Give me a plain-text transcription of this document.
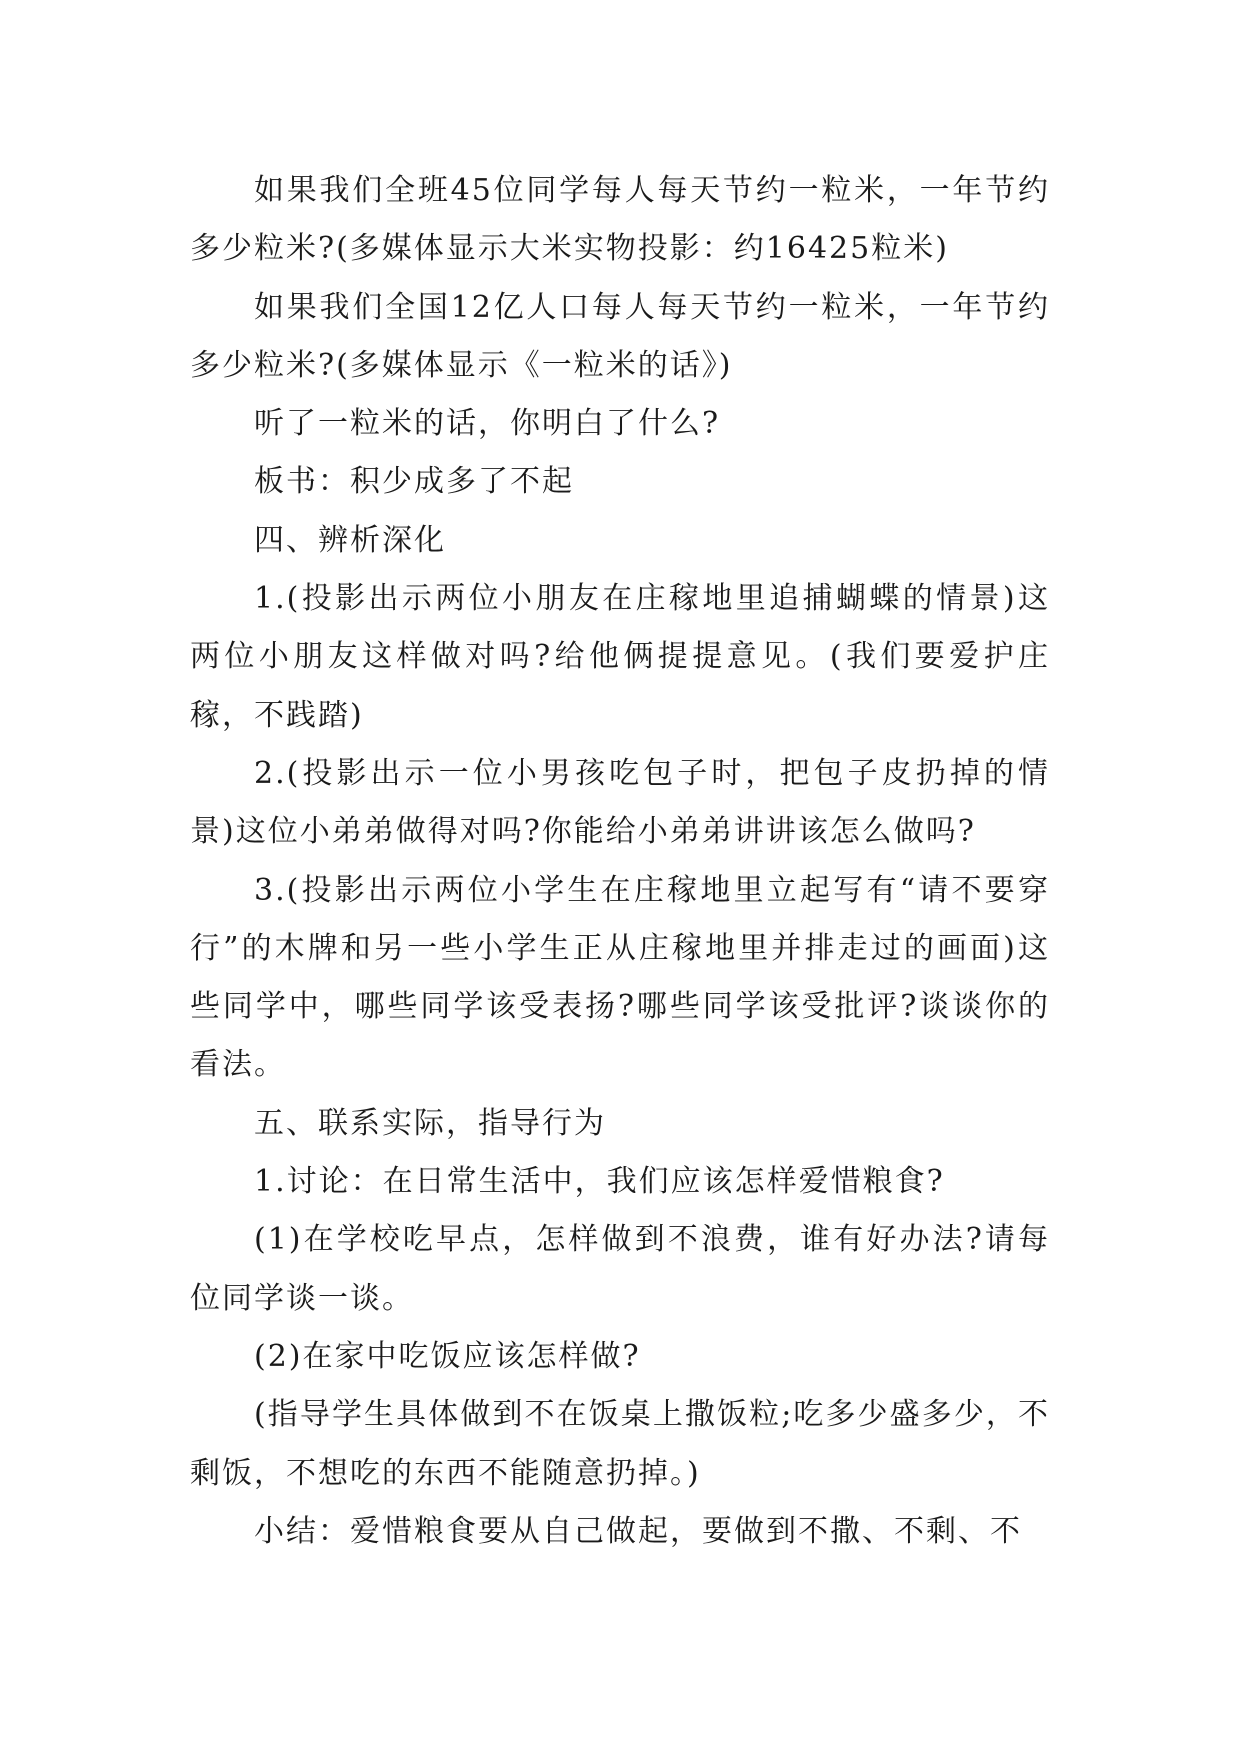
如果我们全班45位同学每人每天节约一粒米，一年节约多少粒米?(多媒体显示大米实物投影：约16425粒米)

如果我们全国12亿人口每人每天节约一粒米，一年节约多少粒米?(多媒体显示《一粒米的话》)

听了一粒米的话，你明白了什么?

板书：积少成多了不起

四、辨析深化

1.(投影出示两位小朋友在庄稼地里追捕蝴蝶的情景)这两位小朋友这样做对吗?给他俩提提意见。(我们要爱护庄稼，不践踏)

2.(投影出示一位小男孩吃包子时，把包子皮扔掉的情景)这位小弟弟做得对吗?你能给小弟弟讲讲该怎么做吗?

3.(投影出示两位小学生在庄稼地里立起写有“请不要穿行”的木牌和另一些小学生正从庄稼地里并排走过的画面)这些同学中，哪些同学该受表扬?哪些同学该受批评?谈谈你的看法。

五、联系实际，指导行为

1.讨论：在日常生活中，我们应该怎样爱惜粮食?

(1)在学校吃早点，怎样做到不浪费，谁有好办法?请每位同学谈一谈。

(2)在家中吃饭应该怎样做?

(指导学生具体做到不在饭桌上撒饭粒;吃多少盛多少，不剩饭，不想吃的东西不能随意扔掉。)

小结：爱惜粮食要从自己做起，要做到不撒、不剩、不
